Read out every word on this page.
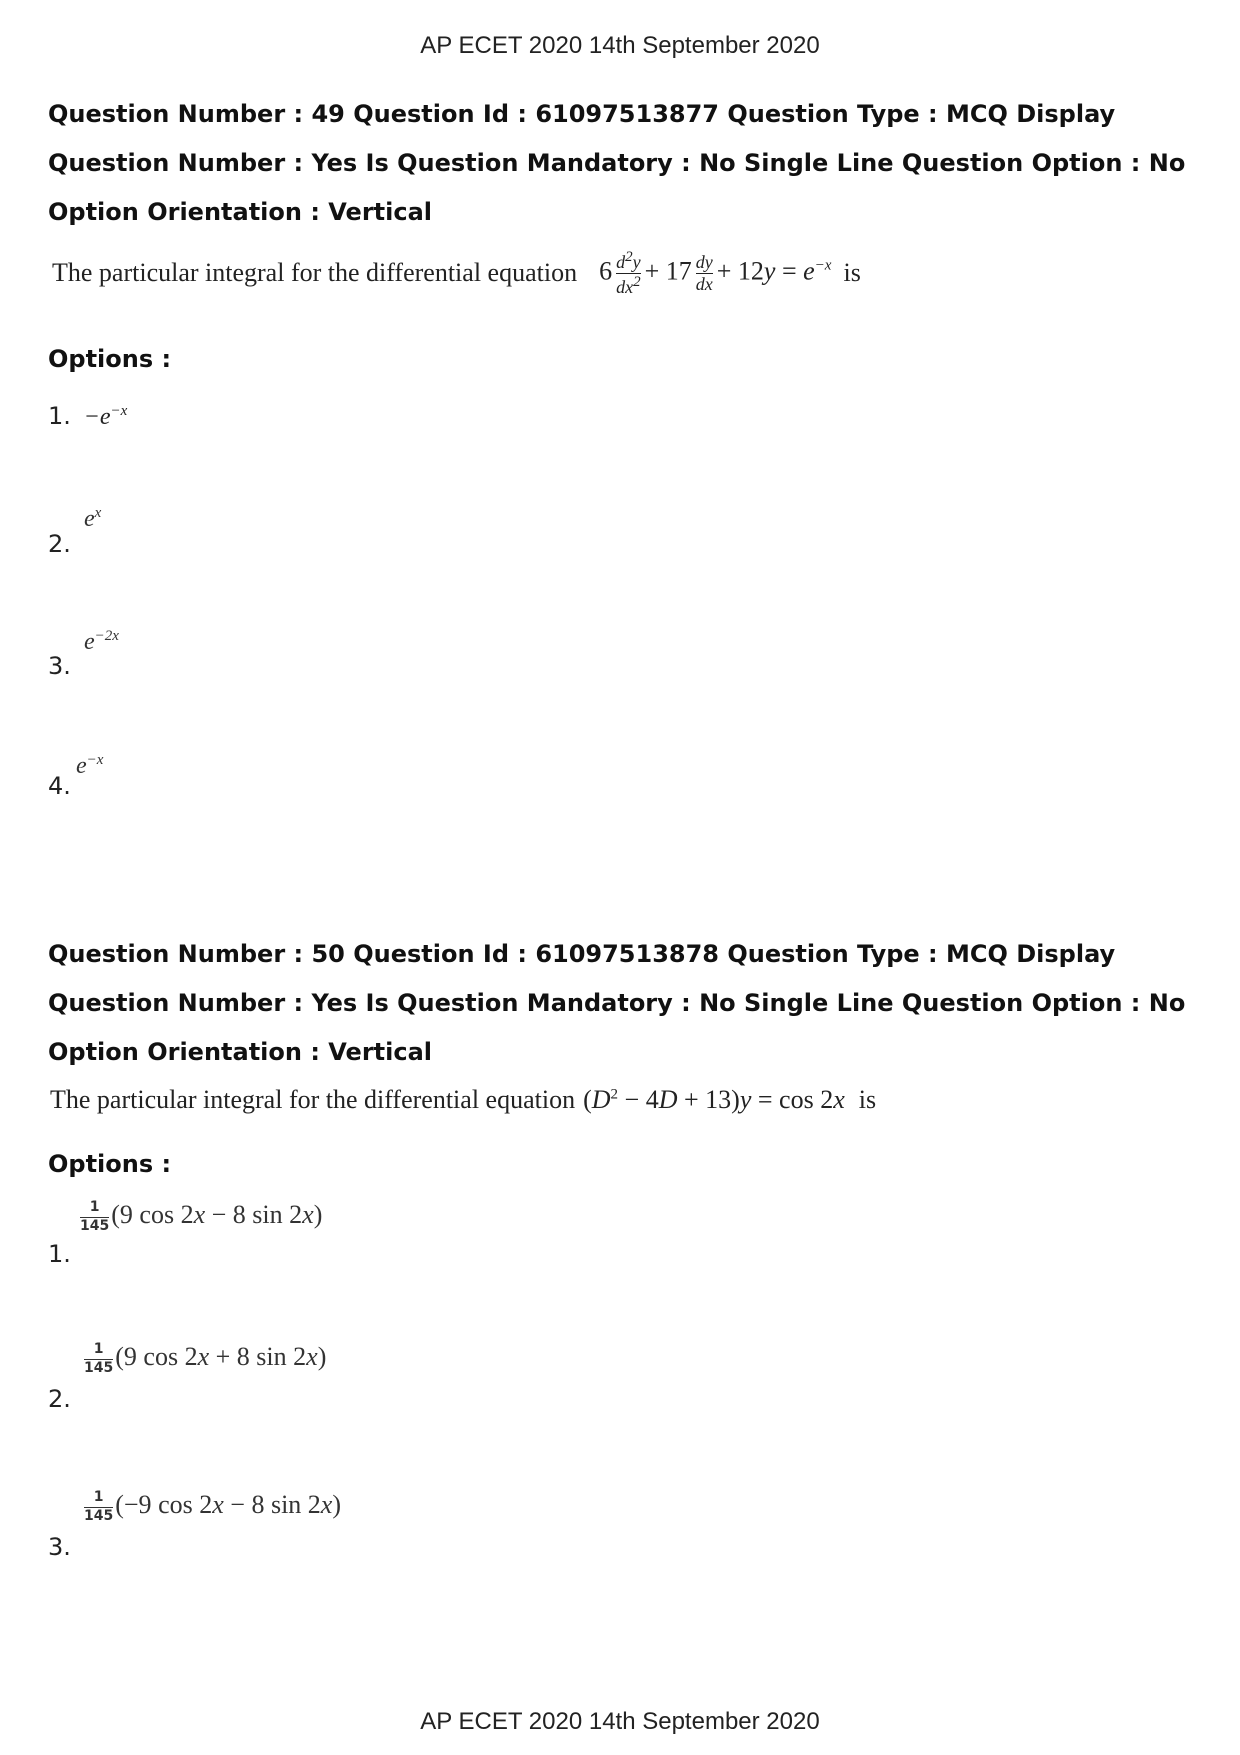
AP ECET 2020 14th September 2020
Question Number : 49 Question Id : 61097513877 Question Type : MCQ Display Question Number : Yes Is Question Mandatory : No Single Line Question Option : No Option Orientation : Vertical
The particular integral for the differential equation $6 \frac{d^2y}{dx^2} + 17 \frac{dy}{dx} + 12y = e^{-x}$ is
Options :
1. $-e^{-x}$
2.
$e^x$
3.
$e^{-2x}$
4.
$e^{-x}$
Question Number : 50 Question Id : 61097513878 Question Type : MCQ Display Question Number : Yes Is Question Mandatory : No Single Line Question Option : No Option Orientation : Vertical
The particular integral for the differential equation $(D^2 - 4D + 13)y = \cos 2x$ is
Options :
1.
$\frac{1}{145} (9$ cos 2x − 8 sin 2x)
2.
$\frac{1}{145} (9$ cos 2x + 8 sin 2x)
3.
$\frac{1}{145} (-9$ cos 2x − 8 sin 2x)
AP ECET 2020 14th September 2020
